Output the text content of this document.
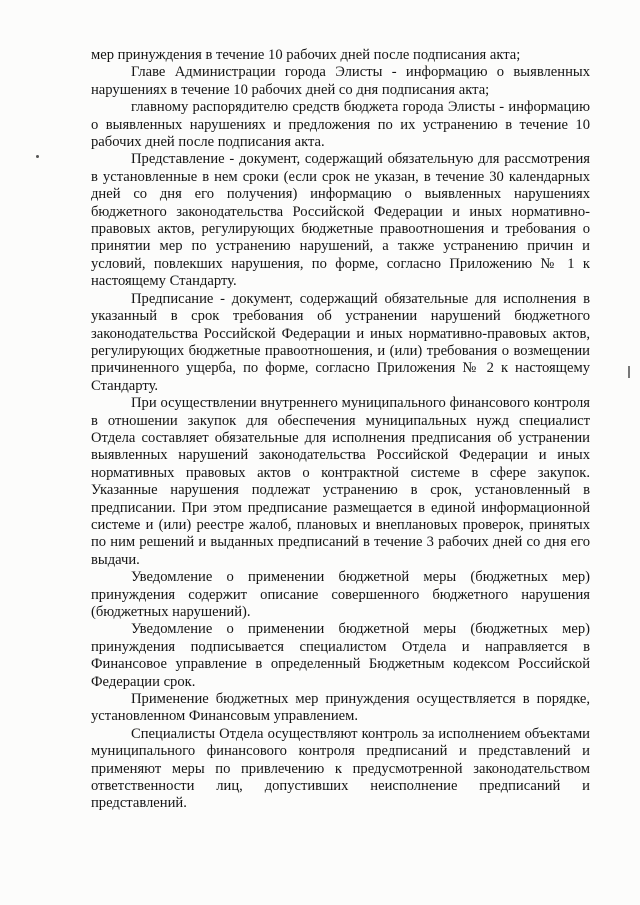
мер принуждения в течение 10 рабочих дней после подписания акта;

Главе Администрации города Элисты - информацию о выявленных нарушениях в течение 10 рабочих дней со дня подписания акта;

главному распорядителю средств бюджета города Элисты - информацию о выявленных нарушениях и предложения по их устранению в течение 10 рабочих дней после подписания акта.

Представление - документ, содержащий обязательную для рассмотрения в установленные в нем сроки (если срок не указан, в течение 30 календарных дней со дня его получения) информацию о выявленных нарушениях бюджетного законодательства Российской Федерации и иных нормативно-правовых актов, регулирующих бюджетные правоотношения и требования о принятии мер по устранению нарушений, а также устранению причин и условий, повлекших нарушения, по форме, согласно Приложению № 1 к настоящему Стандарту.

Предписание - документ, содержащий обязательные для исполнения в указанный в срок требования об устранении нарушений бюджетного законодательства Российской Федерации и иных нормативно-правовых актов, регулирующих бюджетные правоотношения, и (или) требования о возмещении причиненного ущерба, по форме, согласно Приложения № 2 к настоящему Стандарту.

При осуществлении внутреннего муниципального финансового контроля в отношении закупок для обеспечения муниципальных нужд специалист Отдела составляет обязательные для исполнения предписания об устранении выявленных нарушений законодательства Российской Федерации и иных нормативных правовых актов о контрактной системе в сфере закупок. Указанные нарушения подлежат устранению в срок, установленный в предписании. При этом предписание размещается в единой информационной системе и (или) реестре жалоб, плановых и внеплановых проверок, принятых по ним решений и выданных предписаний в течение 3 рабочих дней со дня его выдачи.

Уведомление о применении бюджетной меры (бюджетных мер) принуждения содержит описание совершенного бюджетного нарушения (бюджетных нарушений).

Уведомление о применении бюджетной меры (бюджетных мер) принуждения подписывается специалистом Отдела и направляется в Финансовое управление в определенный Бюджетным кодексом Российской Федерации срок.

Применение бюджетных мер принуждения осуществляется в порядке, установленном Финансовым управлением.

Специалисты Отдела осуществляют контроль за исполнением объектами муниципального финансового контроля предписаний и представлений и применяют меры по привлечению к предусмотренной законодательством ответственности лиц, допустивших неисполнение предписаний и представлений.
